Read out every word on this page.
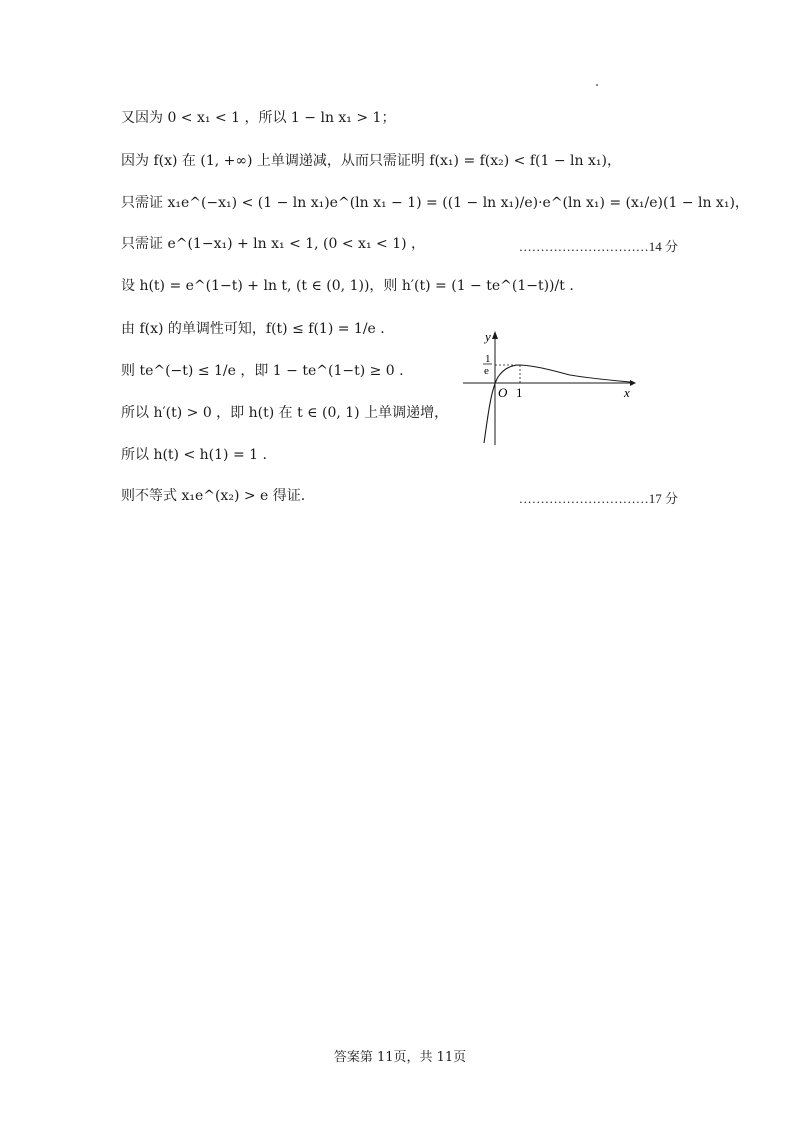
又因为 0 < x₁ < 1 ，所以 1 − ln x₁ > 1；
因为 f(x) 在 (1, +∞) 上单调递减，从而只需证明 f(x₁) = f(x₂) < f(1 − ln x₁)，
只需证 x₁e^(−x₁) < (1 − ln x₁)e^(ln x₁ − 1) = ((1 − ln x₁)/e)·e^(ln x₁) = (x₁/e)(1 − ln x₁)，
只需证 e^(1−x₁) + ln x₁ < 1, (0 < x₁ < 1) ，	…………………………14 分
设 h(t) = e^(1−t) + ln t, (t ∈ (0, 1))，则 h′(t) = (1 − te^(1−t))/t .
由 f(x) 的单调性可知，f(t) ≤ f(1) = 1/e .
则 te^(−t) ≤ 1/e ，即 1 − te^(1−t) ≥ 0 .
所以 h′(t) > 0 ，即 h(t) 在 t ∈ (0, 1) 上单调递增，
所以 h(t) < h(1) = 1 .
则不等式 x₁e^(x₂) > e 得证.	…………………………17 分
y
x
O 1
1
e
答案第 11页，共 11页
